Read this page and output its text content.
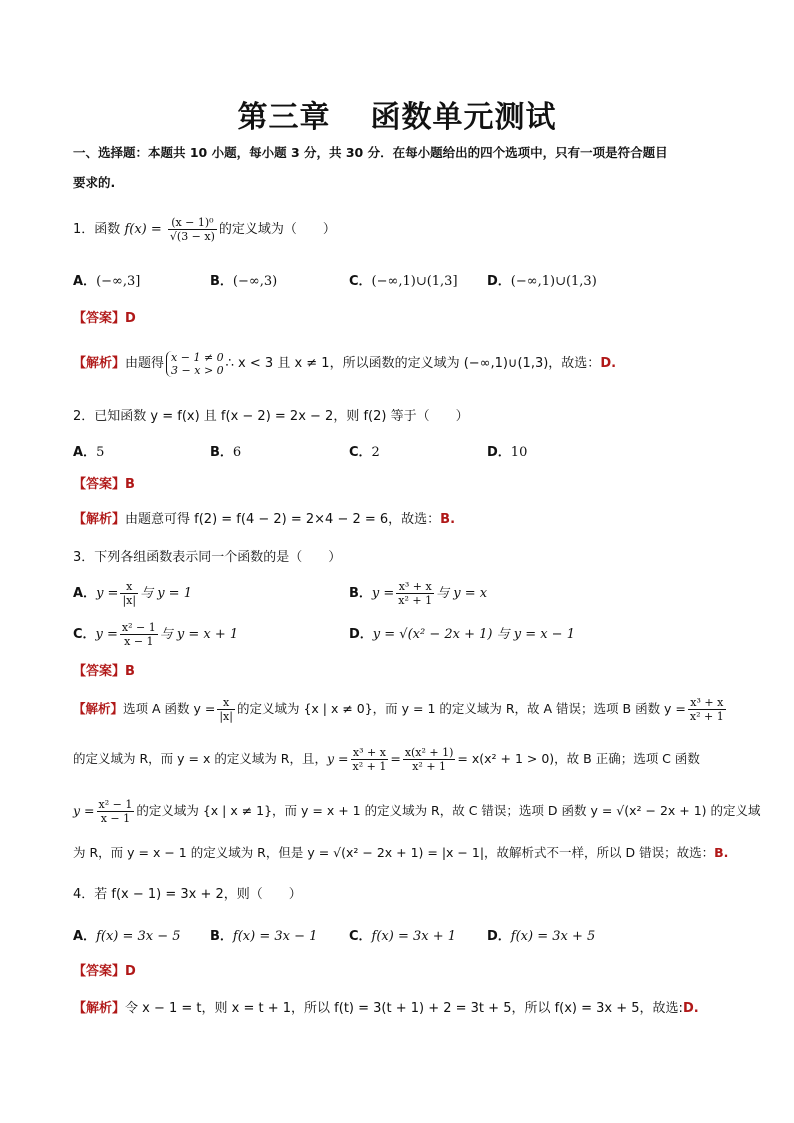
第三章 函数单元测试
一、选择题：本题共 10 小题，每小题 3 分，共 30 分．在每小题给出的四个选项中，只有一项是符合题目
要求的.
1．函数 $f(x) = \frac{\text{(x − 1)⁰}}{√(3 - x)}$ 的定义域为（　　）
A．(−∞,3]	B．(−∞,3)	C．(−∞,1)∪(1,3] D．(−∞,1)∪(1,3)
【答案】D
【解析】由题得 x − 1 ≠ 0
3 − x > 0 ∴ x < 3 且 x ≠ 1，所以函数的定义域为 (−∞,1)∪(1,3)，故选：D.
2．已知函数 y = f(x) 且 f(x − 2) = 2x − 2，则 f(2) 等于（　　）
A．5	B．6	C．2	D．10
【答案】B
【解析】由题意可得 f(2) = f(4 − 2) = 2×4 − 2 = 6，故选：B.
3．下列各组函数表示同一个函数的是（　　）
A．$y = \frac{x}{|x|}$ 与 y = 1	B．$y = \frac{\text{x³ + x}}{\text{x² + 1}}$ 与 y = x
C．$y = \frac{\text{x² − 1}}{x - 1}$ 与 y = x + 1	D．y = √(x² − 2x + 1) 与 y = x − 1
【答案】B
【解析】选项 A 函数 $y = \frac{x}{|x|}$ 的定义域为 {x | x ≠ 0}，而 y = 1 的定义域为 R，故 A 错误；选项 B 函数 $y = \frac{\text{x³ + x}}{\text{x² + 1}}$
的定义域为 R，而 y = x 的定义域为 R，且，$y = \frac{\text{x³ + x}}{\text{x² + 1}} = \frac{\text{x(x² + 1)}}{\text{x² + 1}} = x(x^2 + 1 > 0)$，故 B 正确；选项 C 函数
$y = \frac{\text{x² − 1}}{x - 1}$ 的定义域为 {x | x ≠ 1}，而 y = x + 1 的定义域为 R，故 C 错误；选项 D 函数 y = √(x² − 2x + 1) 的定义域
为 R，而 y = x − 1 的定义域为 R，但是 y = √(x² − 2x + 1) = |x − 1|，故解析式不一样，所以 D 错误；故选：B.
4．若 f(x − 1) = 3x + 2，则（　　）
A．f(x) = 3x − 5 B．f(x) = 3x − 1 C．f(x) = 3x + 1 D．f(x) = 3x + 5
【答案】D
【解析】令 x − 1 = t，则 x = t + 1，所以 f(t) = 3(t + 1) + 2 = 3t + 5，所以 f(x) = 3x + 5，故选:D.
